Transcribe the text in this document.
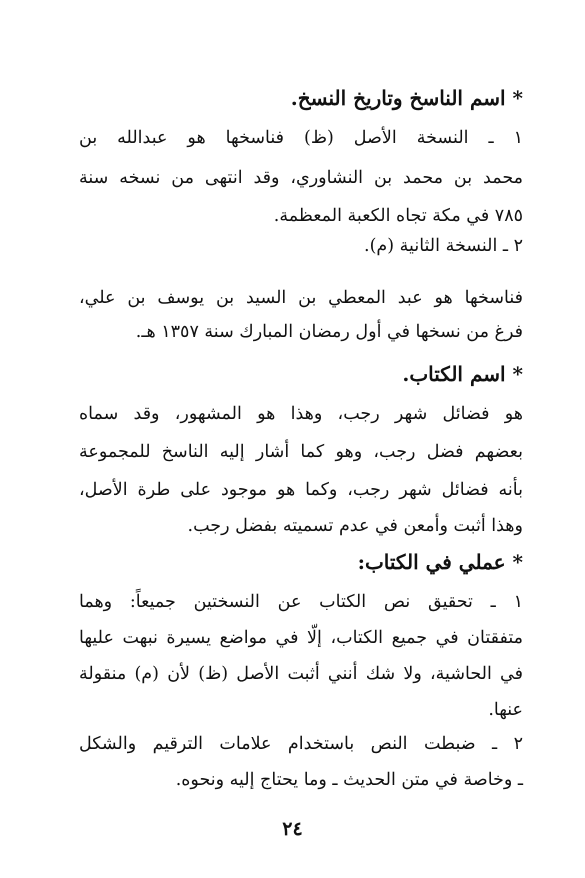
* اسم الناسخ وتاريخ النسخ.
١ ـ النسخة الأصل (ظ) فناسخها هو عبدالله بن
محمد بن محمد بن النشاوري، وقد انتهى من نسخه سنة
٧٨٥ في مكة تجاه الكعبة المعظمة.
٢ ـ النسخة الثانية (م).
فناسخها هو عبد المعطي بن السيد بن يوسف بن علي،
فرغ من نسخها في أول رمضان المبارك سنة ١٣٥٧ هـ.
* اسم الكتاب.
هو فضائل شهر رجب، وهذا هو المشهور، وقد سماه
بعضهم فضل رجب، وهو كما أشار إليه الناسخ للمجموعة
بأنه فضائل شهر رجب، وكما هو موجود على طرة الأصل،
وهذا أثبت وأمعن في عدم تسميته بفضل رجب.
* عملي في الكتاب:
١ ـ تحقيق نص الكتاب عن النسختين جميعاً: وهما
متفقتان في جميع الكتاب، إلّا في مواضع يسيرة نبهت عليها
في الحاشية، ولا شك أنني أثبت الأصل (ظ) لأن (م) منقولة
عنها.
٢ ـ ضبطت النص باستخدام علامات الترقيم والشكل
ـ وخاصة في متن الحديث ـ وما يحتاج إليه ونحوه.
٢٤
